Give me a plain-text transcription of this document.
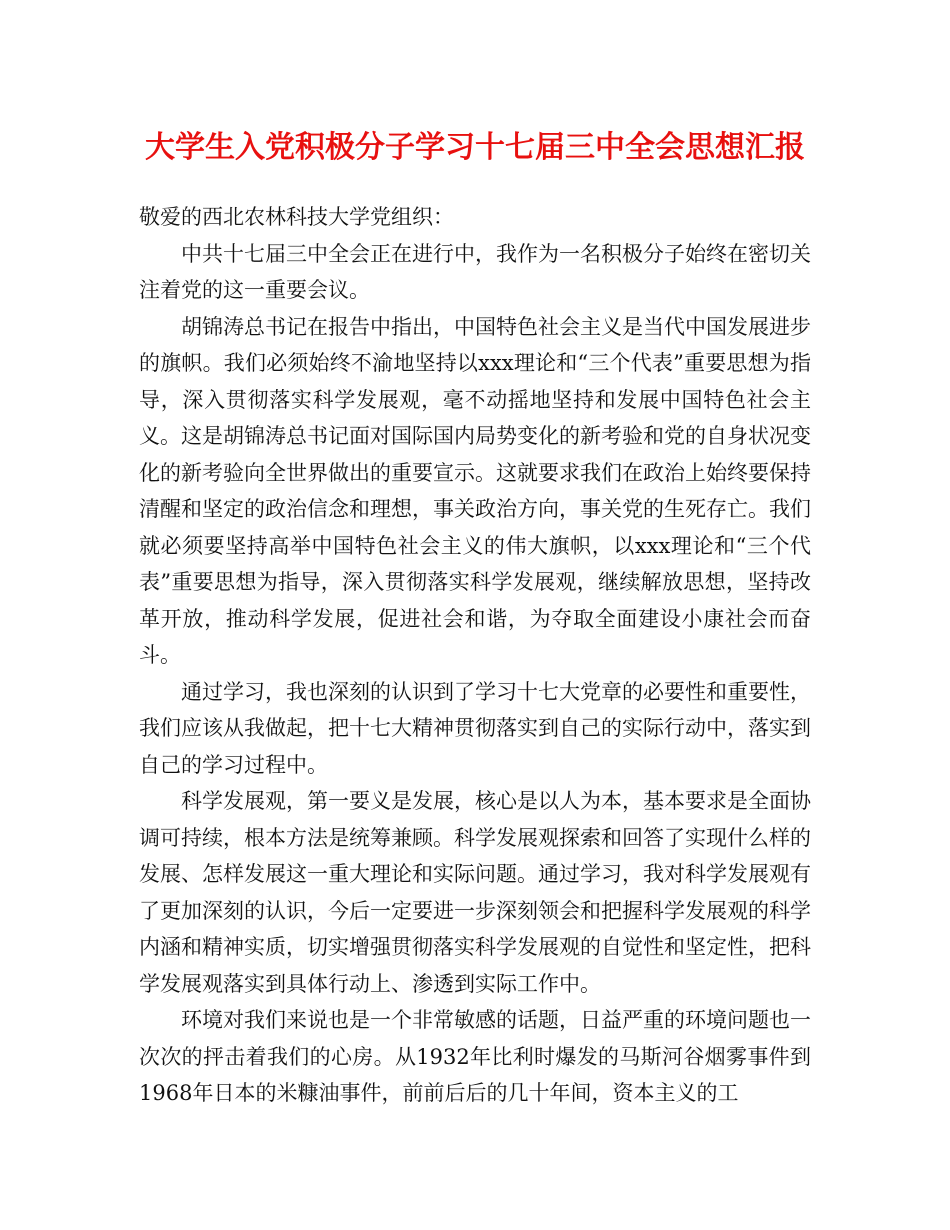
大学生入党积极分子学习十七届三中全会思想汇报

敬爱的西北农林科技大学党组织：

中共十七届三中全会正在进行中，我作为一名积极分子始终在密切关注着党的这一重要会议。

胡锦涛总书记在报告中指出，中国特色社会主义是当代中国发展进步的旗帜。我们必须始终不渝地坚持以xxx理论和“三个代表”重要思想为指导，深入贯彻落实科学发展观，毫不动摇地坚持和发展中国特色社会主义。这是胡锦涛总书记面对国际国内局势变化的新考验和党的自身状况变化的新考验向全世界做出的重要宣示。这就要求我们在政治上始终要保持清醒和坚定的政治信念和理想，事关政治方向，事关党的生死存亡。我们就必须要坚持高举中国特色社会主义的伟大旗帜，以xxx理论和“三个代表”重要思想为指导，深入贯彻落实科学发展观，继续解放思想，坚持改革开放，推动科学发展，促进社会和谐，为夺取全面建设小康社会而奋斗。

通过学习，我也深刻的认识到了学习十七大党章的必要性和重要性，我们应该从我做起，把十七大精神贯彻落实到自己的实际行动中，落实到自己的学习过程中。

科学发展观，第一要义是发展，核心是以人为本，基本要求是全面协调可持续，根本方法是统筹兼顾。科学发展观探索和回答了实现什么样的发展、怎样发展这一重大理论和实际问题。通过学习，我对科学发展观有了更加深刻的认识，今后一定要进一步深刻领会和把握科学发展观的科学内涵和精神实质，切实增强贯彻落实科学发展观的自觉性和坚定性，把科学发展观落实到具体行动上、渗透到实际工作中。

环境对我们来说也是一个非常敏感的话题，日益严重的环境问题也一次次的抨击着我们的心房。从1932年比利时爆发的马斯河谷烟雾事件到1968年日本的米糠油事件，前前后后的几十年间，资本主义的工
